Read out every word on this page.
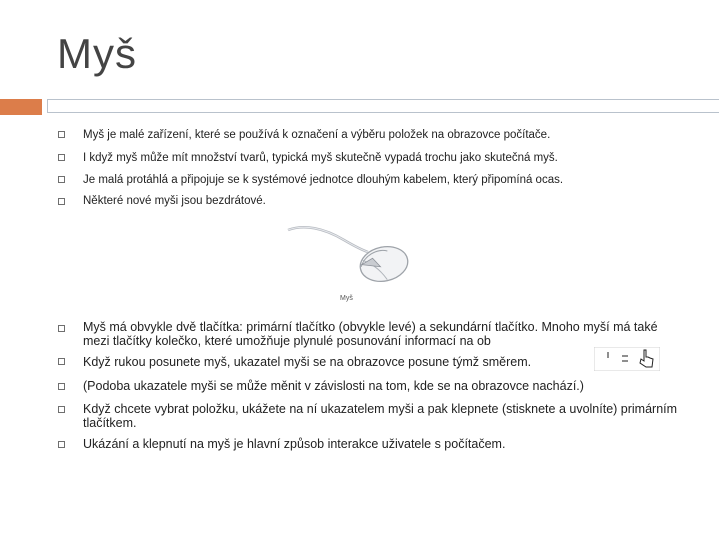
Myš
Myš je malé zařízení, které se používá k označení a výběru položek na obrazovce počítače.
I když myš může mít množství tvarů, typická myš skutečně vypadá trochu jako skutečná myš.
Je malá protáhlá a připojuje se k systémové jednotce dlouhým kabelem, který připomíná ocas.
Některé nové myši jsou bezdrátové.
Myš
Myš má obvykle dvě tlačítka: primární tlačítko (obvykle levé) a sekundární tlačítko. Mnoho myší má také mezi tlačítky kolečko, které umožňuje plynulé posunování informací na ob
Když rukou posunete myš, ukazatel myši se na obrazovce posune týmž směrem.
(Podoba ukazatele myši se může měnit v závislosti na tom, kde se na obrazovce nachází.)
Když chcete vybrat položku, ukážete na ní ukazatelem myši a pak klepnete (stisknete a uvolníte) primárním tlačítkem.
Ukázání a klepnutí na myš je hlavní způsob interakce uživatele s počítačem.
